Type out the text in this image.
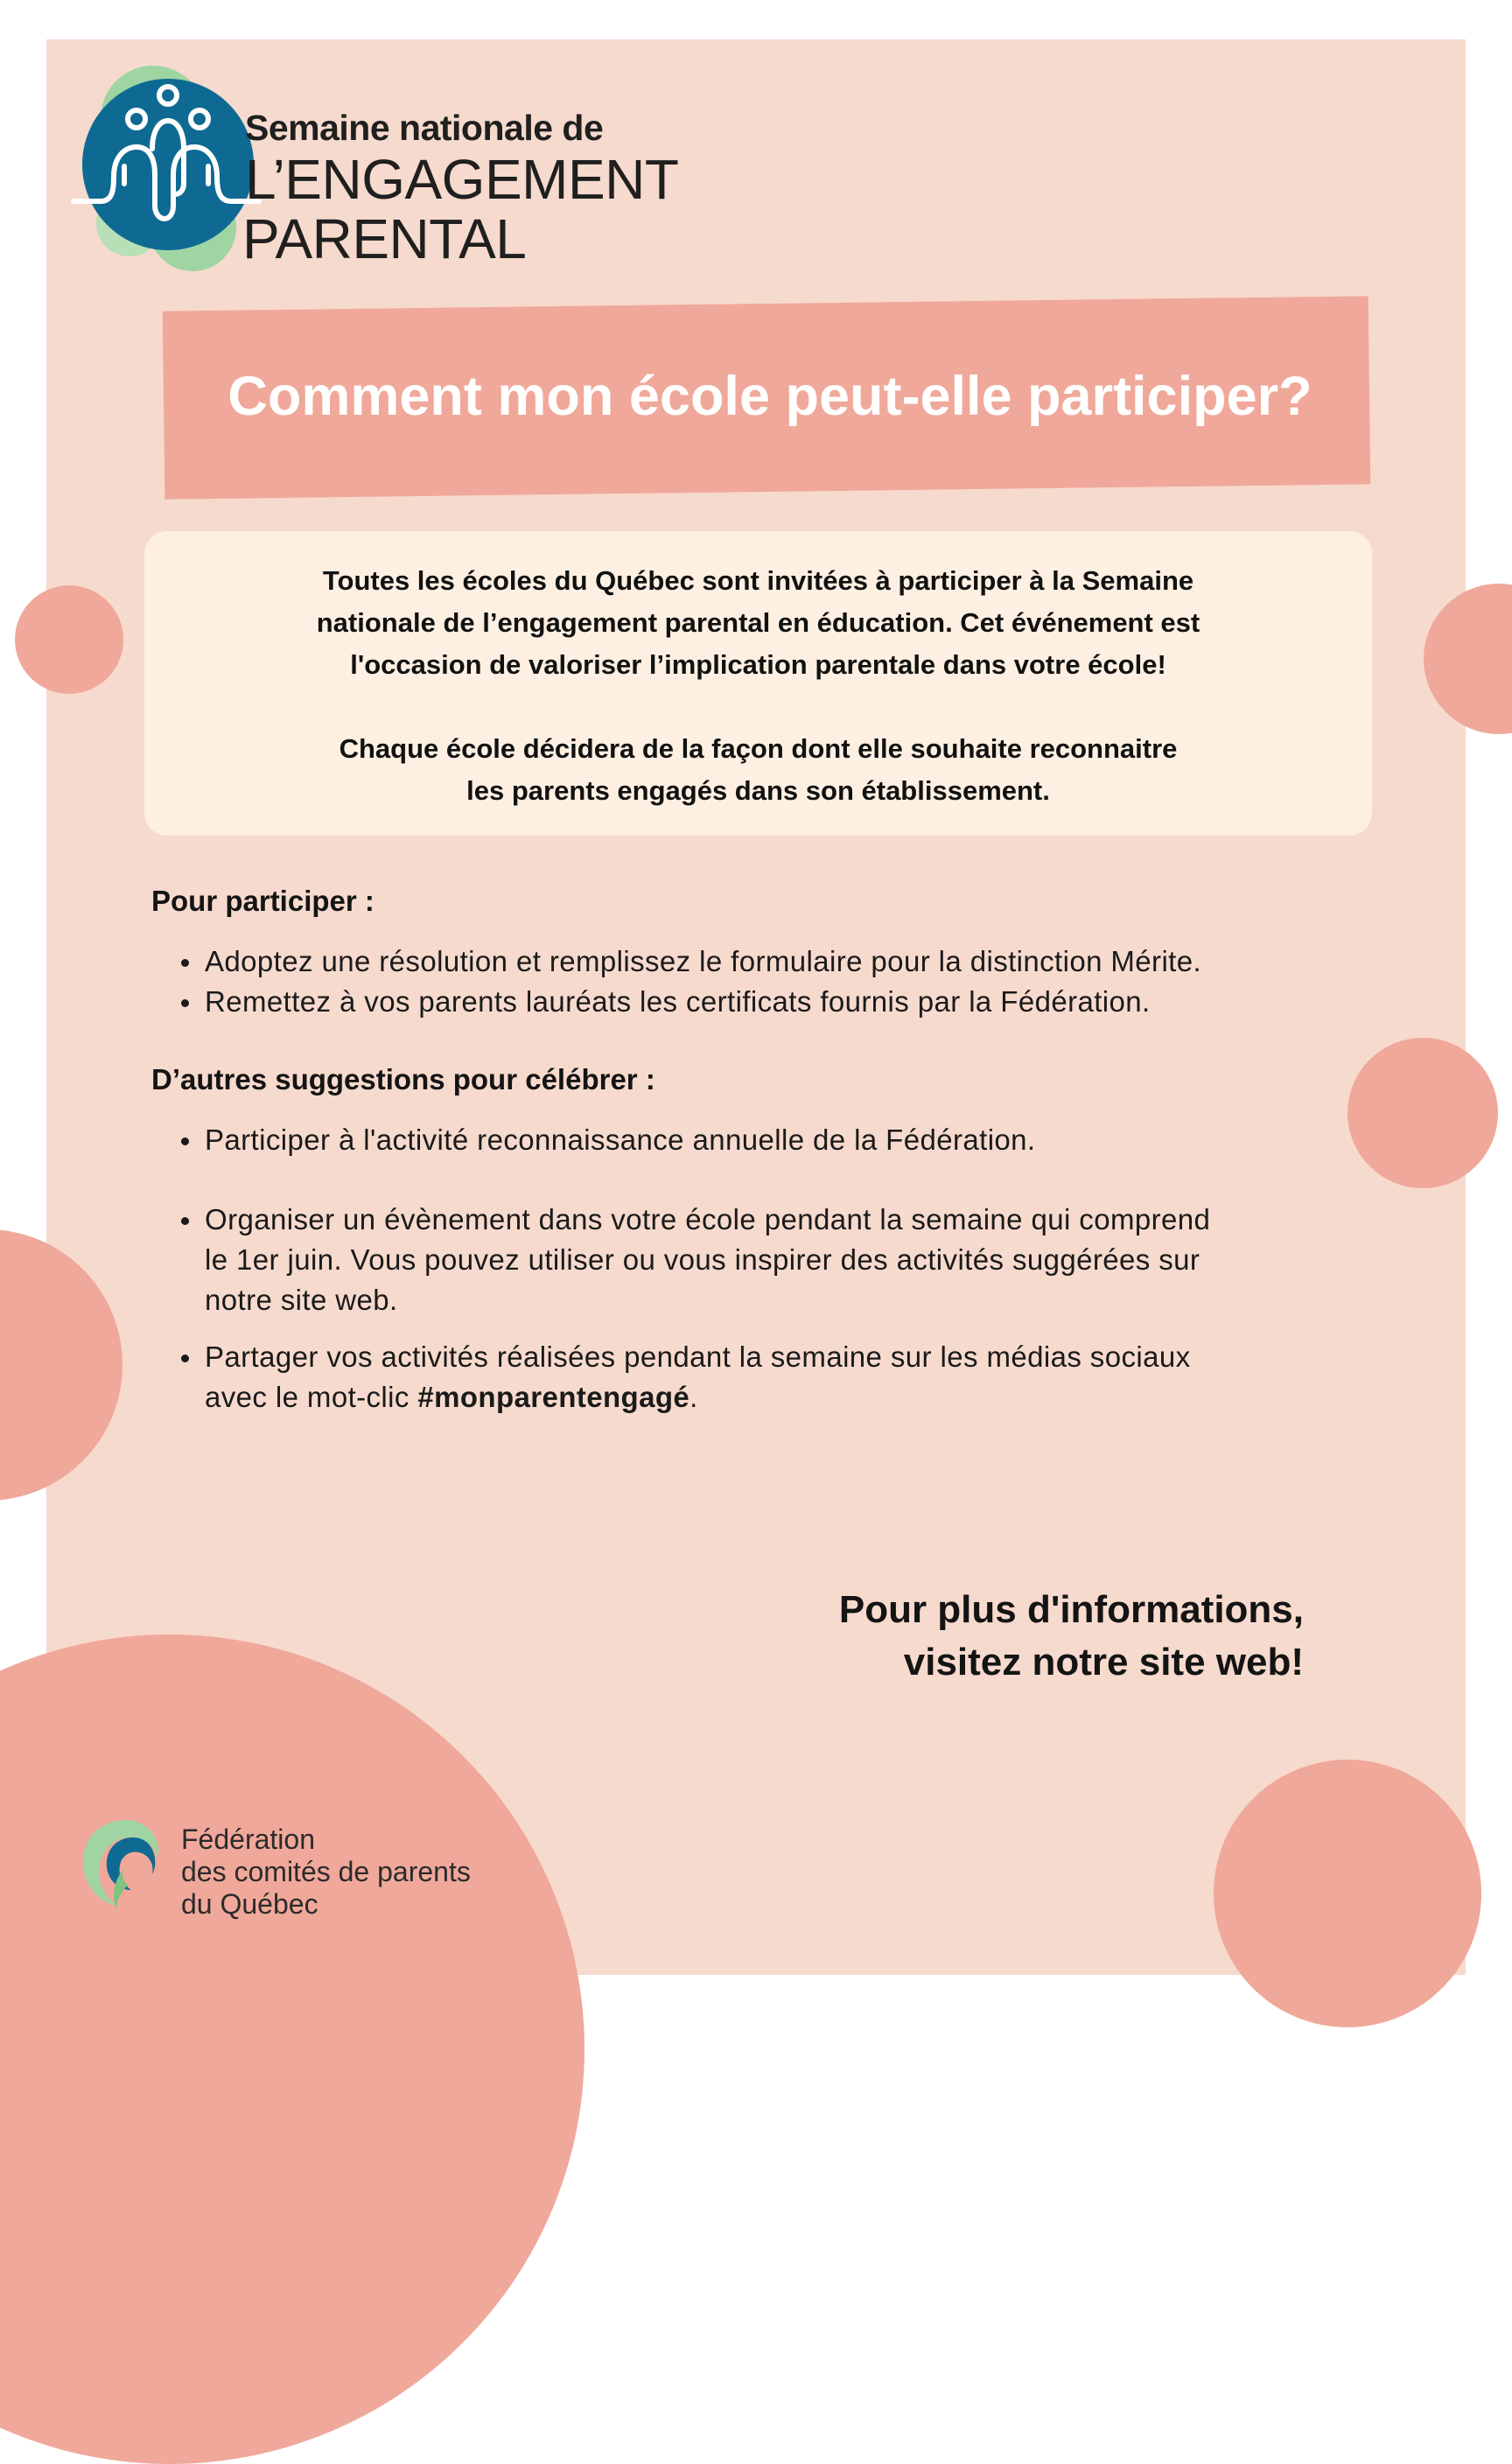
Semaine nationale de
L’ENGAGEMENT
PARENTAL
Comment mon école peut-elle participer?

Toutes les écoles du Québec sont invitées à participer à la Semaine
nationale de l’engagement parental en éducation. Cet événement est
l'occasion de valoriser l’implication parentale dans votre école!

Chaque école décidera de la façon dont elle souhaite reconnaitre
les parents engagés dans son établissement.

Pour participer :
Adoptez une résolution et remplissez le formulaire pour la distinction Mérite.
Remettez à vos parents lauréats les certificats fournis par la Fédération.
D’autres suggestions pour célébrer :
Participer à l'activité reconnaissance annuelle de la Fédération.
Organiser un évènement dans votre école pendant la semaine qui comprend
le 1er juin. Vous pouvez utiliser ou vous inspirer des activités suggérées sur
notre site web.
Partager vos activités réalisées pendant la semaine sur les médias sociaux
avec le mot-clic #monparentengagé.
Pour plus d'informations,
visitez notre site web!
Fédération
des comités de parents
du Québec
